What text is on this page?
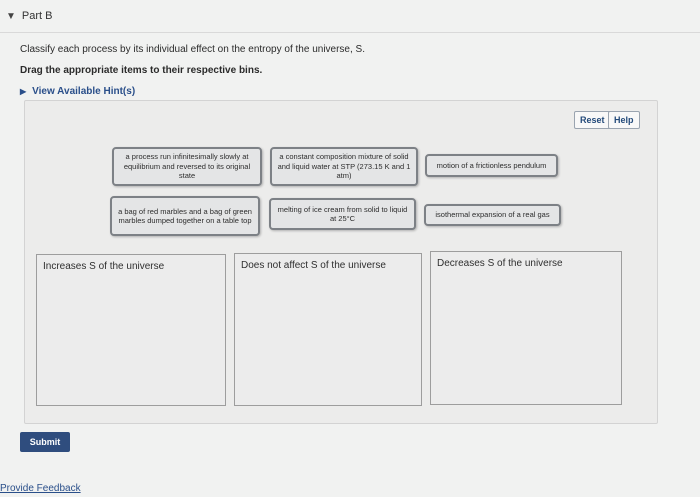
▼ Part B
Classify each process by its individual effect on the entropy of the universe, S.
Drag the appropriate items to their respective bins.
▶ View Available Hint(s)
Reset	Help
a process run infinitesimally slowly at equilibrium and reversed to its original state
a constant composition mixture of solid and liquid water at STP (273.15 K and 1 atm)
motion of a frictionless pendulum
a bag of red marbles and a bag of green marbles dumped together on a table top
melting of ice cream from solid to liquid at 25°C	isothermal expansion of a real gas
Increases S of the universe	Does not affect S of the universe	Decreases S of the universe
Submit
Provide Feedback
